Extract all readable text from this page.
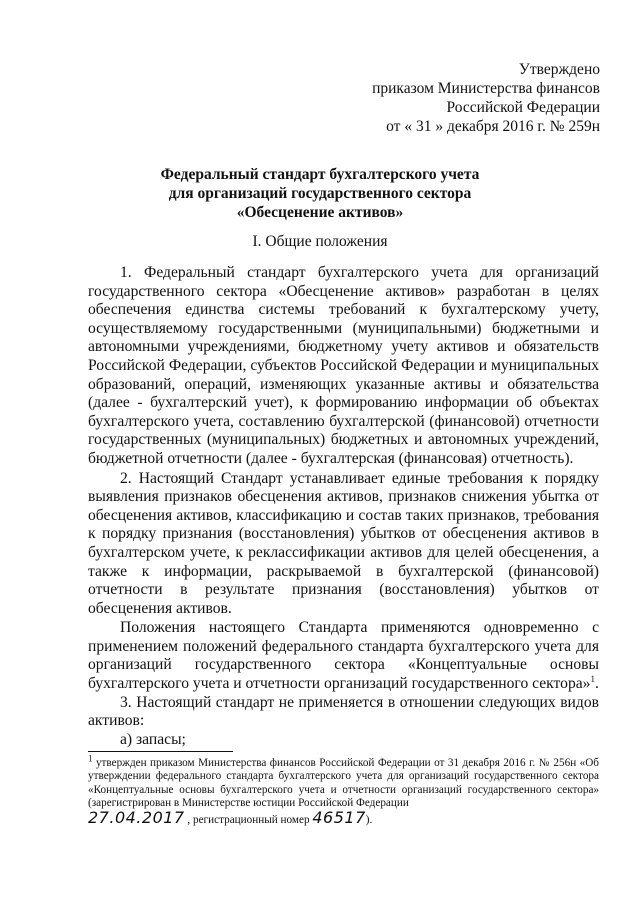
Утверждено
приказом Министерства финансов
Российской Федерации
от « 31 » декабря 2016 г. № 259н
Федеральный стандарт бухгалтерского учета
для организаций государственного сектора
«Обесценение активов»
I. Общие положения

1. Федеральный стандарт бухгалтерского учета для организаций государственного сектора «Обесценение активов» разработан в целях обеспечения единства системы требований к бухгалтерскому учету, осуществляемому государственными (муниципальными) бюджетными и автономными учреждениями, бюджетному учету активов и обязательств Российской Федерации, субъектов Российской Федерации и муниципальных образований, операций, изменяющих указанные активы и обязательства (далее - бухгалтерский учет), к формированию информации об объектах бухгалтерского учета, составлению бухгалтерской (финансовой) отчетности государственных (муниципальных) бюджетных и автономных учреждений, бюджетной отчетности (далее - бухгалтерская (финансовая) отчетность).

2. Настоящий Стандарт устанавливает единые требования к порядку выявления признаков обесценения активов, признаков снижения убытка от обесценения активов, классификацию и состав таких признаков, требования к порядку признания (восстановления) убытков от обесценения активов в бухгалтерском учете, к реклассификации активов для целей обесценения, а также к информации, раскрываемой в бухгалтерской (финансовой) отчетности в результате признания (восстановления) убытков от обесценения активов.

Положения настоящего Стандарта применяются одновременно с применением положений федерального стандарта бухгалтерского учета для организаций государственного сектора «Концептуальные основы бухгалтерского учета и отчетности организаций государственного сектора»$^1$.

3. Настоящий стандарт не применяется в отношении следующих видов активов:

а) запасы;

$^1$ утвержден приказом Министерства финансов Российской Федерации от 31 декабря 2016 г. № 256н «Об утверждении федерального стандарта бухгалтерского учета для организаций государственного сектора «Концептуальные основы бухгалтерского учета и отчетности организаций государственного сектора» (зарегистрирован в Министерстве юстиции Российской Федерации

27.04.2017 , регистрационный номер 46517).
